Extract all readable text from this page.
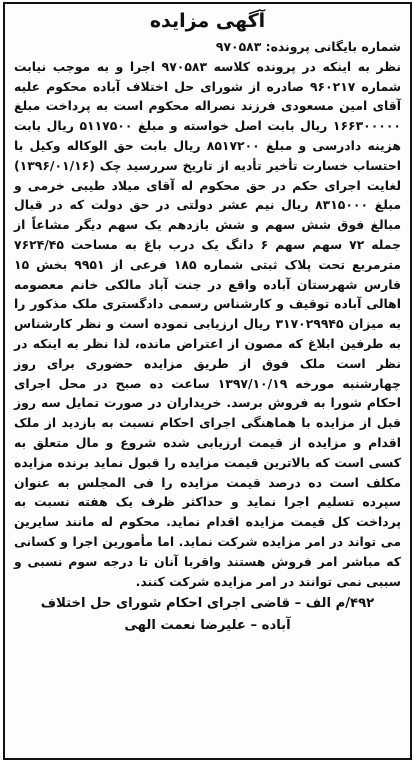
آگهی مزایده
شماره بایگانی پرونده: ۹۷۰۵۸۳
نظر به اینکه در پرونده کلاسه ۹۷۰۵۸۳ اجرا و به موجب نیابت شماره ۹۶۰۲۱۷ صادره از شورای حل اختلاف آباده محکوم علیه آقای امین مسعودی فرزند نصراله محکوم است به پرداخت مبلغ ۱۶۶۳۰۰۰۰۰ ریال بابت اصل خواسته و مبلغ ۵۱۱۷۵۰۰ ریال بابت هزینه دادرسی و مبلغ ۸۵۱۷۲۰۰ ریال بابت حق الوکاله وکیل با احتساب خسارت تأخیر تأدیه از تاریخ سررسید چک (۱۳۹۶/۰۱/۱۶) لغایت اجرای حکم در حق محکوم له آقای میلاد طیبی خرمی و مبلغ ۸۳۱۵۰۰۰ ریال نیم عشر دولتی در حق دولت که در قبال مبالغ فوق شش سهم و شش یازدهم یک سهم دیگر مشاعاً از جمله ۷۲ سهم سهم ۶ دانگ یک درب باغ به مساحت ۷۶۲۴/۴۵ مترمربع تحت پلاک ثبتی شماره ۱۸۵ فرعی از ۹۹۵۱ بخش ۱۵ فارس شهرستان آباده واقع در جنت آباد مالکی خانم معصومه اهالی آباده توقیف و کارشناس رسمی دادگستری ملک مذکور را به میزان ۳۱۷۰۲۹۹۴۵ ریال ارزیابی نموده است و نظر کارشناس به طرفین ابلاغ که مصون از اعتراض مانده، لذا نظر به اینکه در نظر است ملک فوق از طریق مزایده حضوری برای روز چهارشنبه مورخه ۱۳۹۷/۱۰/۱۹ ساعت ده صبح در محل اجرای احکام شورا به فروش برسد. خریداران در صورت تمایل سه روز قبل از مزایده با هماهنگی اجرای احکام نسبت به بازدید از ملک اقدام و مزایده از قیمت ارزیابی شده شروع و مال متعلق به کسی است که بالاترین قیمت مزایده را قبول نماید برنده مزایده مکلف است ده درصد قیمت مزایده را فی المجلس به عنوان سپرده تسلیم اجرا نماید و حداکثر ظرف یک هفته نسبت به پرداخت کل قیمت مزایده اقدام نماید. محکوم له مانند سایرین می تواند در امر مزایده شرکت نماید. اما مأمورین اجرا و کسانی که مباشر امر فروش هستند واقربا آنان تا درجه سوم نسبی و سببی نمی توانند در امر مزایده شرکت کنند.
۴۹۲/م الف – قاضی اجرای احکام شورای حل اختلاف
آباده – علیرضا نعمت الهی
